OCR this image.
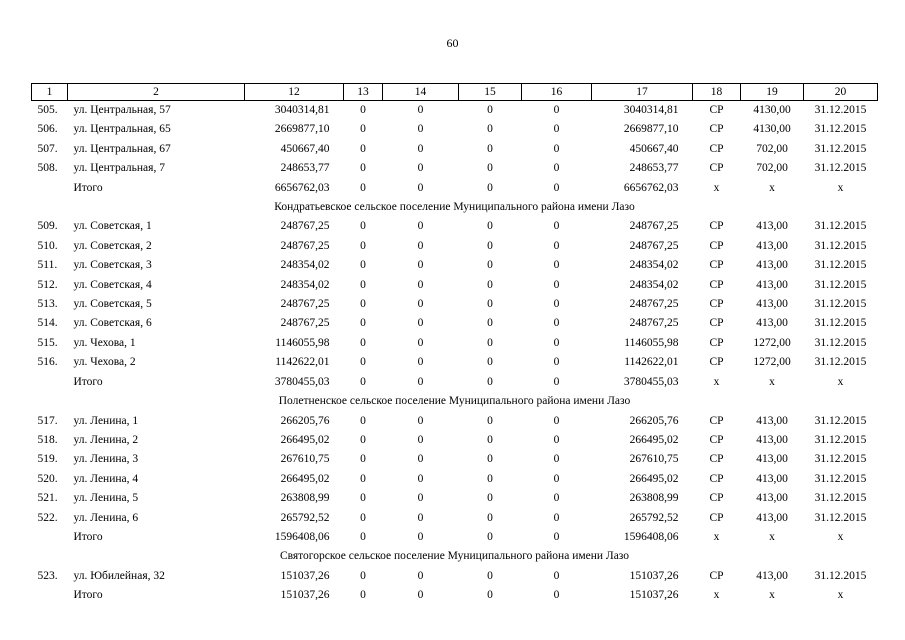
60
1	2	12	13	14	15	16	17	18	19	20
505.	ул. Центральная, 57	3040314,81	0	0	0	0	3040314,81	СР	4130,00	31.12.2015
506.	ул. Центральная, 65	2669877,10	0	0	0	0	2669877,10	СР	4130,00	31.12.2015
507.	ул. Центральная, 67	450667,40	0	0	0	0	450667,40	СР	702,00	31.12.2015
508.	ул. Центральная, 7	248653,77	0	0	0	0	248653,77	СР	702,00	31.12.2015
	Итого	6656762,03	0	0	0	0	6656762,03	х	х	х
Кондратьевское сельское поселение Муниципального района имени Лазо										
509.	ул. Советская, 1	248767,25	0	0	0	0	248767,25	СР	413,00	31.12.2015
510.	ул. Советская, 2	248767,25	0	0	0	0	248767,25	СР	413,00	31.12.2015
511.	ул. Советская, 3	248354,02	0	0	0	0	248354,02	СР	413,00	31.12.2015
512.	ул. Советская, 4	248354,02	0	0	0	0	248354,02	СР	413,00	31.12.2015
513.	ул. Советская, 5	248767,25	0	0	0	0	248767,25	СР	413,00	31.12.2015
514.	ул. Советская, 6	248767,25	0	0	0	0	248767,25	СР	413,00	31.12.2015
515.	ул. Чехова, 1	1146055,98	0	0	0	0	1146055,98	СР	1272,00	31.12.2015
516.	ул. Чехова, 2	1142622,01	0	0	0	0	1142622,01	СР	1272,00	31.12.2015
	Итого	3780455,03	0	0	0	0	3780455,03	х	х	х
Полетненское сельское поселение Муниципального района имени Лазо										
517.	ул. Ленина, 1	266205,76	0	0	0	0	266205,76	СР	413,00	31.12.2015
518.	ул. Ленина, 2	266495,02	0	0	0	0	266495,02	СР	413,00	31.12.2015
519.	ул. Ленина, 3	267610,75	0	0	0	0	267610,75	СР	413,00	31.12.2015
520.	ул. Ленина, 4	266495,02	0	0	0	0	266495,02	СР	413,00	31.12.2015
521.	ул. Ленина, 5	263808,99	0	0	0	0	263808,99	СР	413,00	31.12.2015
522.	ул. Ленина, 6	265792,52	0	0	0	0	265792,52	СР	413,00	31.12.2015
	Итого	1596408,06	0	0	0	0	1596408,06	х	х	х
Святогорское сельское поселение Муниципального района имени Лазо										
523.	ул. Юбилейная, 32	151037,26	0	0	0	0	151037,26	СР	413,00	31.12.2015
	Итого	151037,26	0	0	0	0	151037,26	х	х	х
